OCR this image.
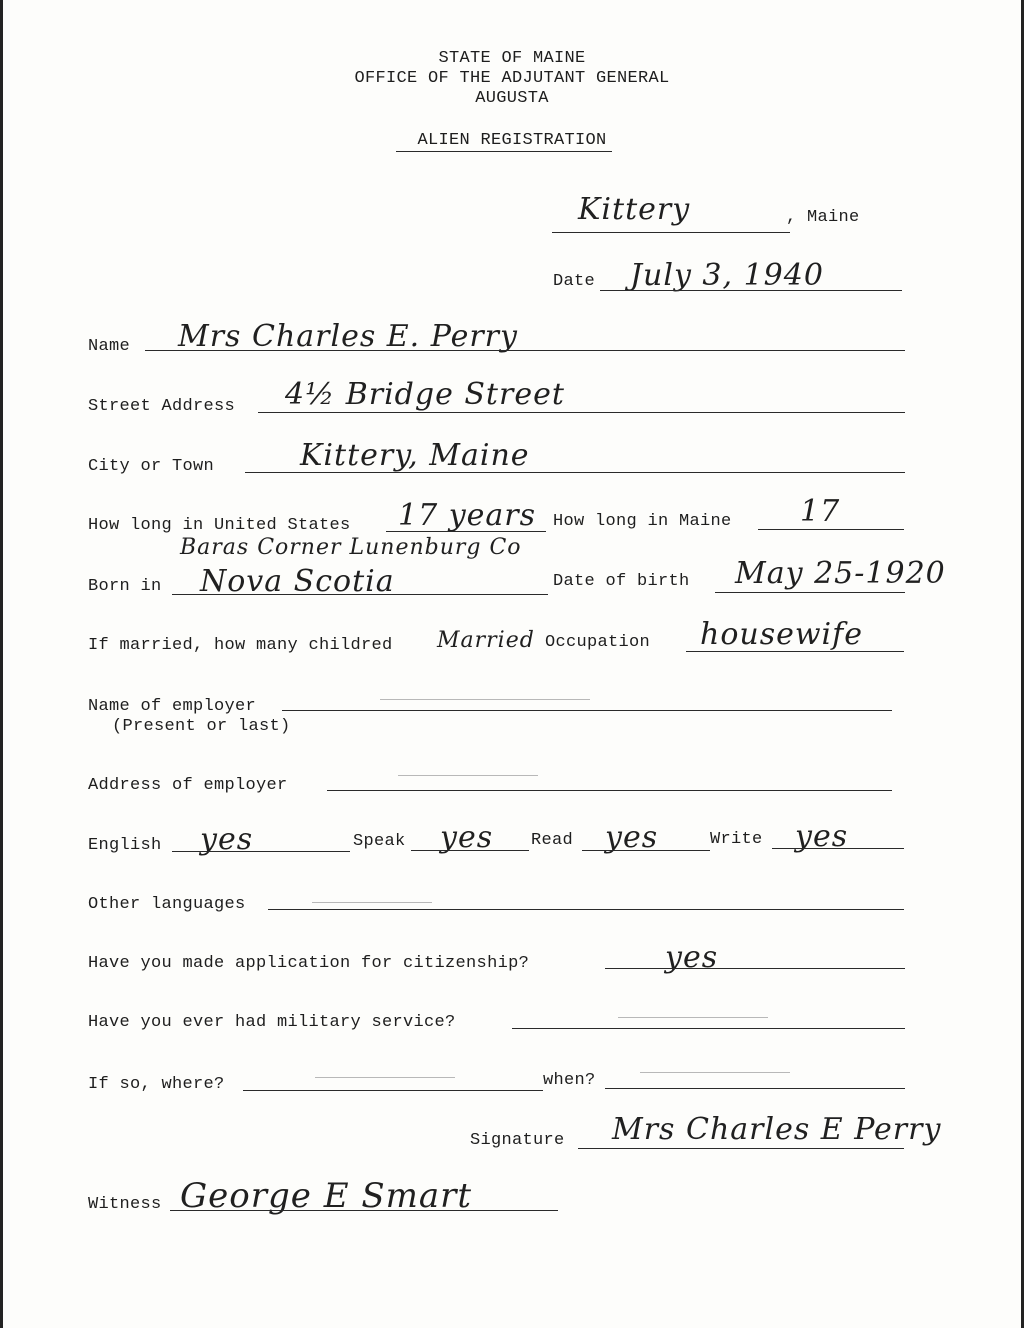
STATE OF MAINE
OFFICE OF THE ADJUTANT GENERAL
AUGUSTA
ALIEN REGISTRATION
Kittery	, Maine
Date July 3, 1940
Name Mrs Charles E. Perry
Street Address 4½ Bridge Street
City or Town	Kittery, Maine
How long in United States 17 years How long in Maine 17
Baras Corner Lunenburg Co
Born in Nova Scotia	Date of birth May 25-1920
If married, how many childred Married Occupation housewife
Name of employer
(Present or last)
Address of employer
English yes	Speak yes Read yes	Write yes
Other languages
Have you made application for citizenship?	yes
Have you ever had military service?
If so, where?	when?
Signature Mrs Charles E Perry
Witness George E Smart
